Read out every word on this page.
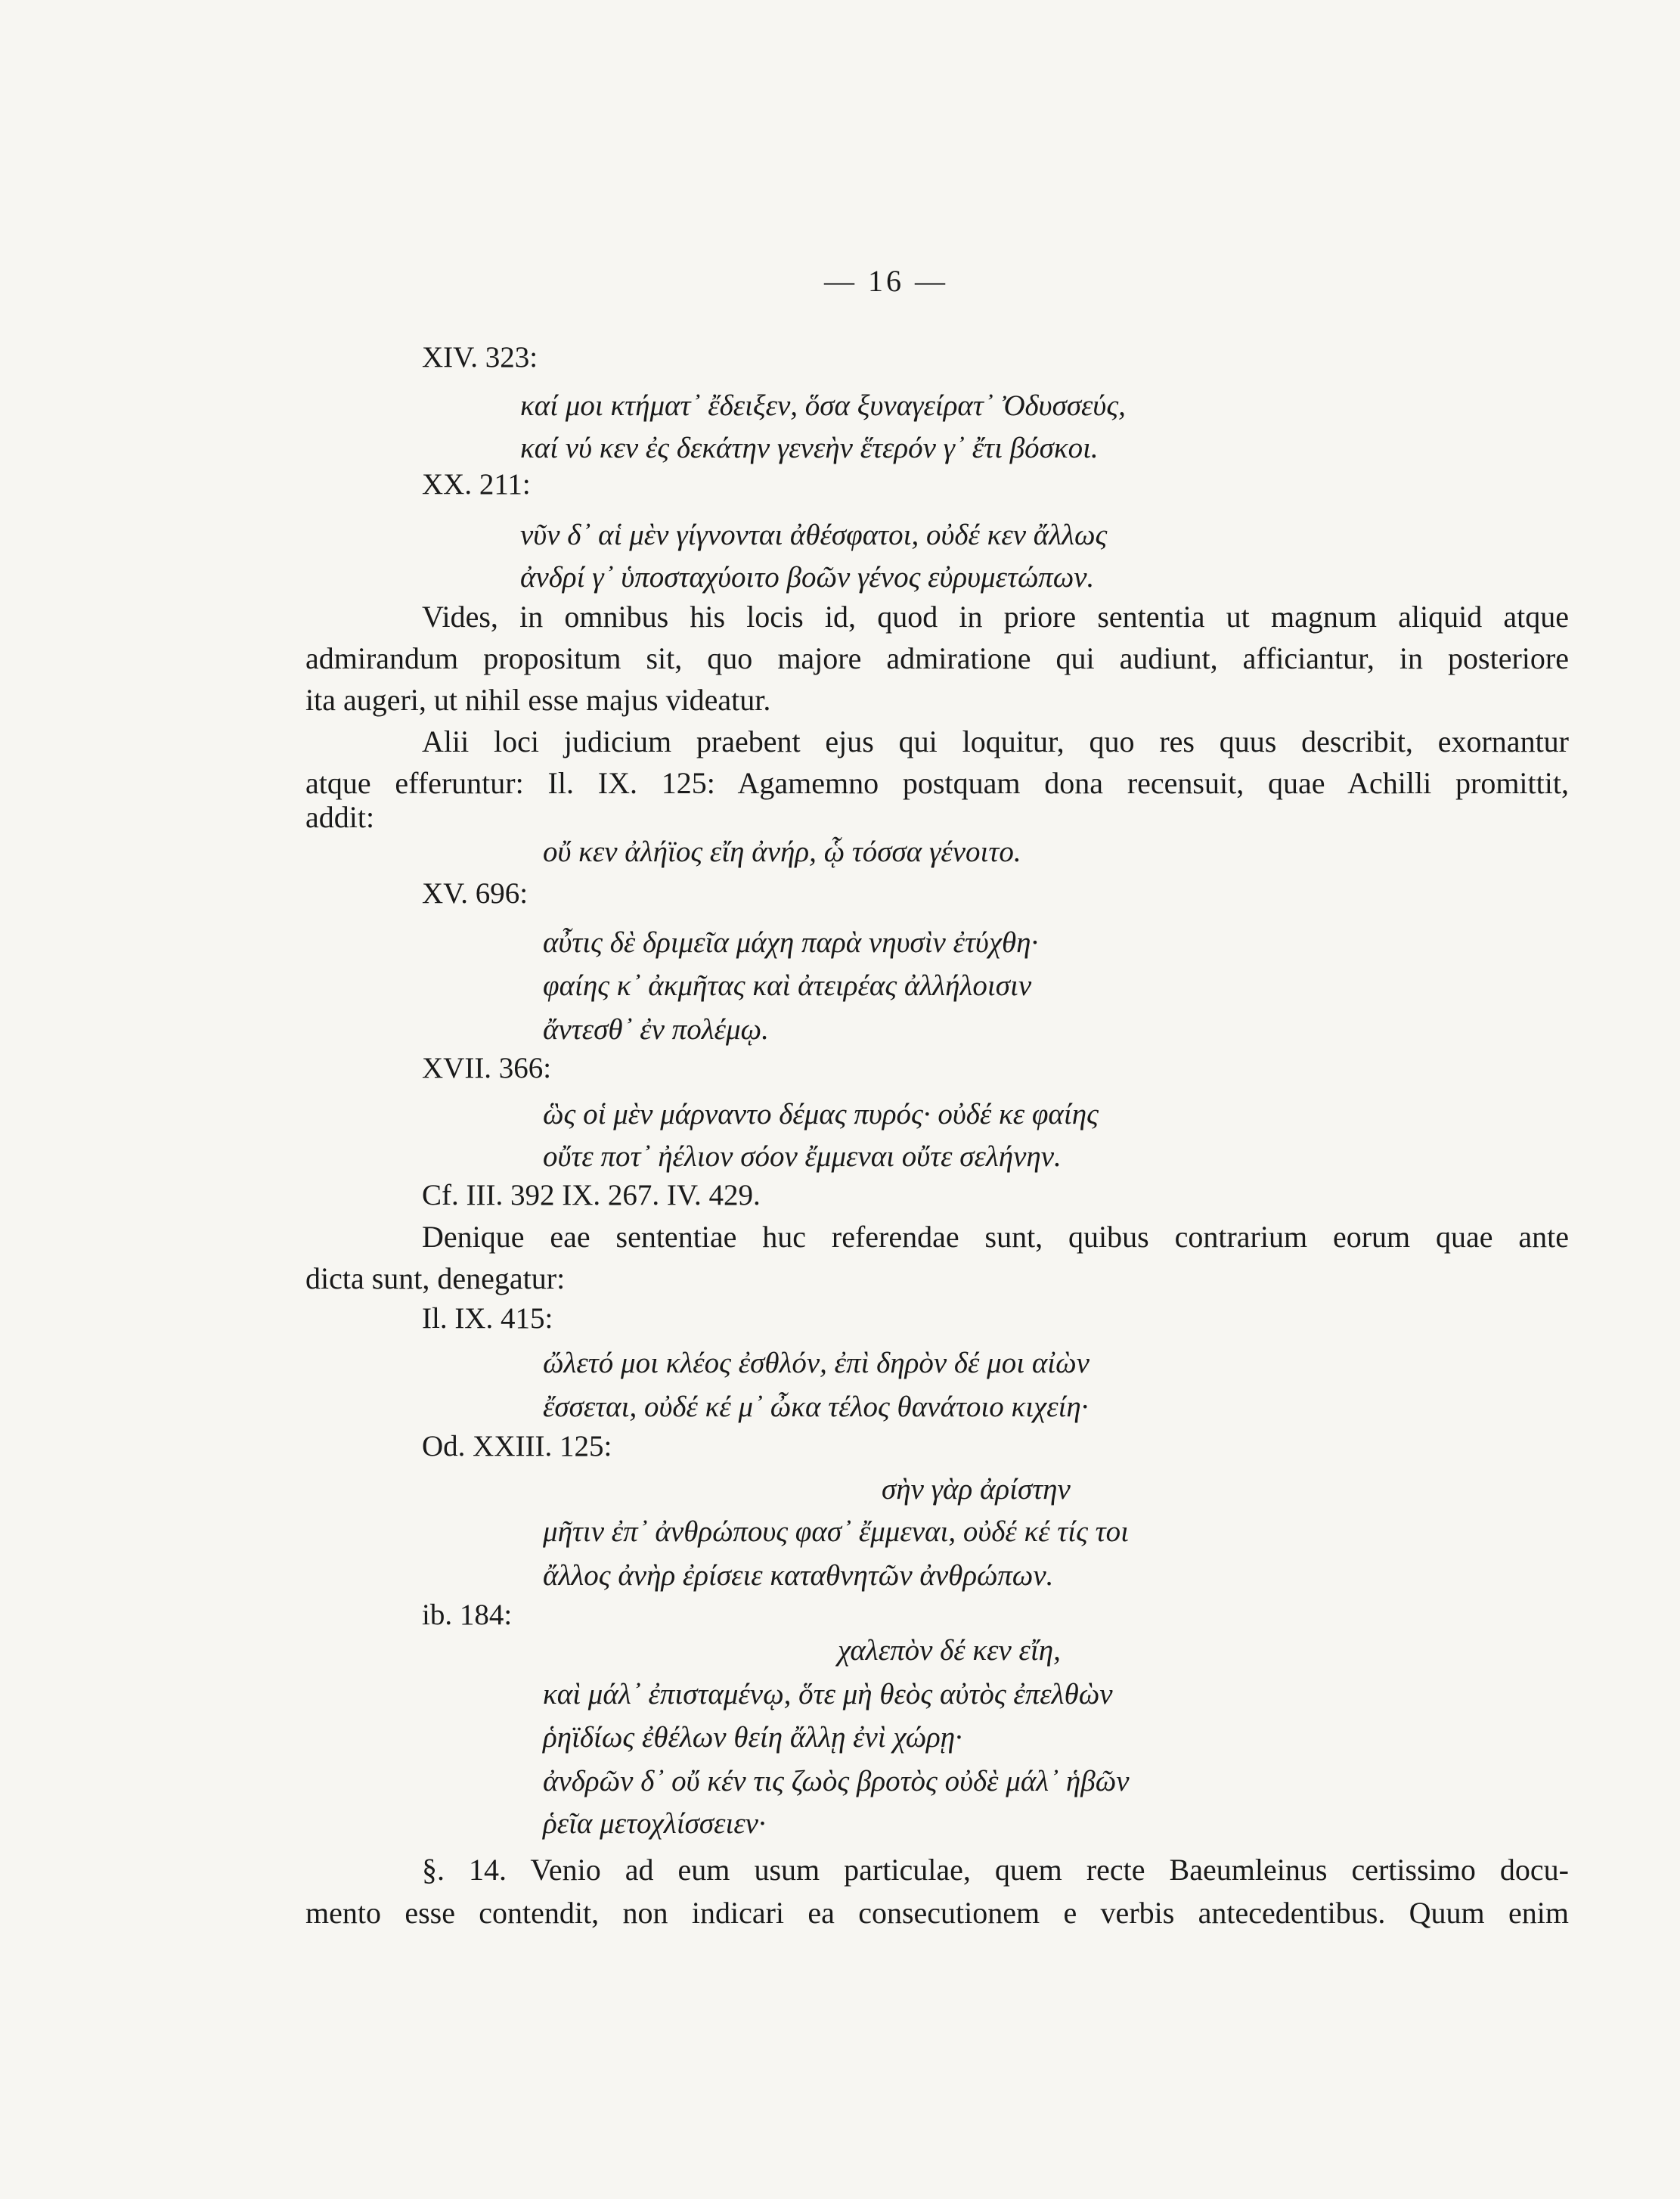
— 16 —
XIV. 323:
καί μοι κτήματ᾽ ἔδειξεν, ὅσα ξυναγείρατ᾽ Ὀδυσσεύς,
καί νύ κεν ἐς δεκάτην γενεὴν ἕτερόν γ᾽ ἔτι βόσκοι.
XX. 211:
νῦν δ᾽ αἱ μὲν γίγνονται ἀθέσφατοι, οὐδέ κεν ἄλλως
ἀνδρί γ᾽ ὑποσταχύοιτο βοῶν γένος εὐρυμετώπων.
Vides, in omnibus his locis id, quod in priore sententia ut magnum aliquid atque
admirandum propositum sit, quo majore admiratione qui audiunt, afficiantur, in posteriore
ita augeri, ut nihil esse majus videatur.
Alii loci judicium praebent ejus qui loquitur, quo res quus describit, exornantur
atque efferuntur: Il. IX. 125: Agamemno postquam dona recensuit, quae Achilli promittit,
addit:
οὔ κεν ἀλήϊος εἴη ἀνήρ, ᾧ τόσσα γένοιτο.
XV. 696:
αὖτις δὲ δριμεῖα μάχη παρὰ νηυσὶν ἐτύχθη·
φαίης κ᾽ ἀκμῆτας καὶ ἀτειρέας ἀλλήλοισιν
ἄντεσθ᾽ ἐν πολέμῳ.
XVII. 366:
ὣς οἱ μὲν μάρναντο δέμας πυρός· οὐδέ κε φαίης
οὔτε ποτ᾽ ἠέλιον σόον ἔμμεναι οὔτε σελήνην.
Cf. III. 392 IX. 267. IV. 429.
Denique eae sententiae huc referendae sunt, quibus contrarium eorum quae ante
dicta sunt, denegatur:
Il. IX. 415:
ὤλετό μοι κλέος ἐσθλόν, ἐπὶ δηρὸν δέ μοι αἰὼν
ἔσσεται, οὐδέ κέ μ᾽ ὦκα τέλος θανάτοιο κιχείη·
Od. XXIII. 125:
σὴν γὰρ ἀρίστην
μῆτιν ἐπ᾽ ἀνθρώπους φασ᾽ ἔμμεναι, οὐδέ κέ τίς τοι
ἄλλος ἀνὴρ ἐρίσειε καταθνητῶν ἀνθρώπων.
ib. 184:
χαλεπὸν δέ κεν εἴη,
καὶ μάλ᾽ ἐπισταμένῳ, ὅτε μὴ θεὸς αὐτὸς ἐπελθὼν
ῥηϊδίως ἐθέλων θείη ἄλλῃ ἐνὶ χώρῃ·
ἀνδρῶν δ᾽ οὔ κέν τις ζωὸς βροτὸς οὐδὲ μάλ᾽ ἡβῶν
ῥεῖα μετοχλίσσειεν·
§. 14. Venio ad eum usum particulae, quem recte Baeumleinus certissimo docu-
mento esse contendit, non indicari ea consecutionem e verbis antecedentibus. Quum enim
